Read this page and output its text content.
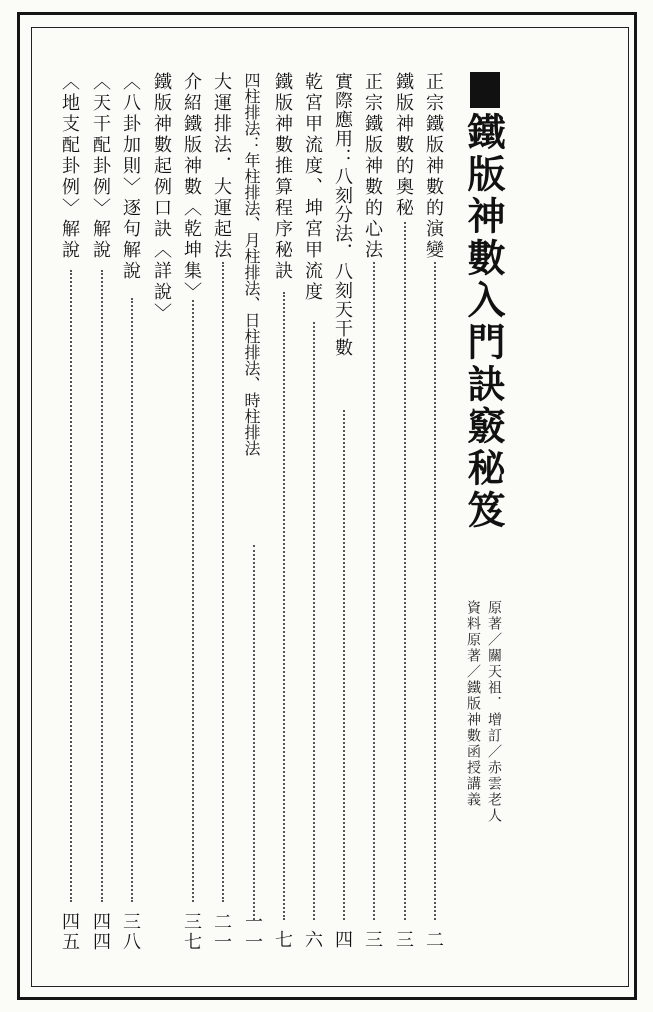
鐵版神數入門訣竅秘笈
原著／關天祖．增訂／赤雲老人
資料原著／鐵版神數函授講義
正宗鐵版神數的演變
二
鐵版神數的奧秘
三
正宗鐵版神數的心法
三
實際應用：八刻分法．八刻天干數
四
乾宮甲流度、坤宮甲流度
六
鐵版神數推算程序秘訣
七
四柱排法：年柱排法、月柱排法、日柱排法、時柱排法
一一
大運排法．大運起法
二一
介紹鐵版神數〈乾坤集〉
三七
鐵版神數起例口訣〈詳說〉
〈八卦加則〉逐句解說
三八
〈天干配卦例〉解說
四四
〈地支配卦例〉解說
四五
